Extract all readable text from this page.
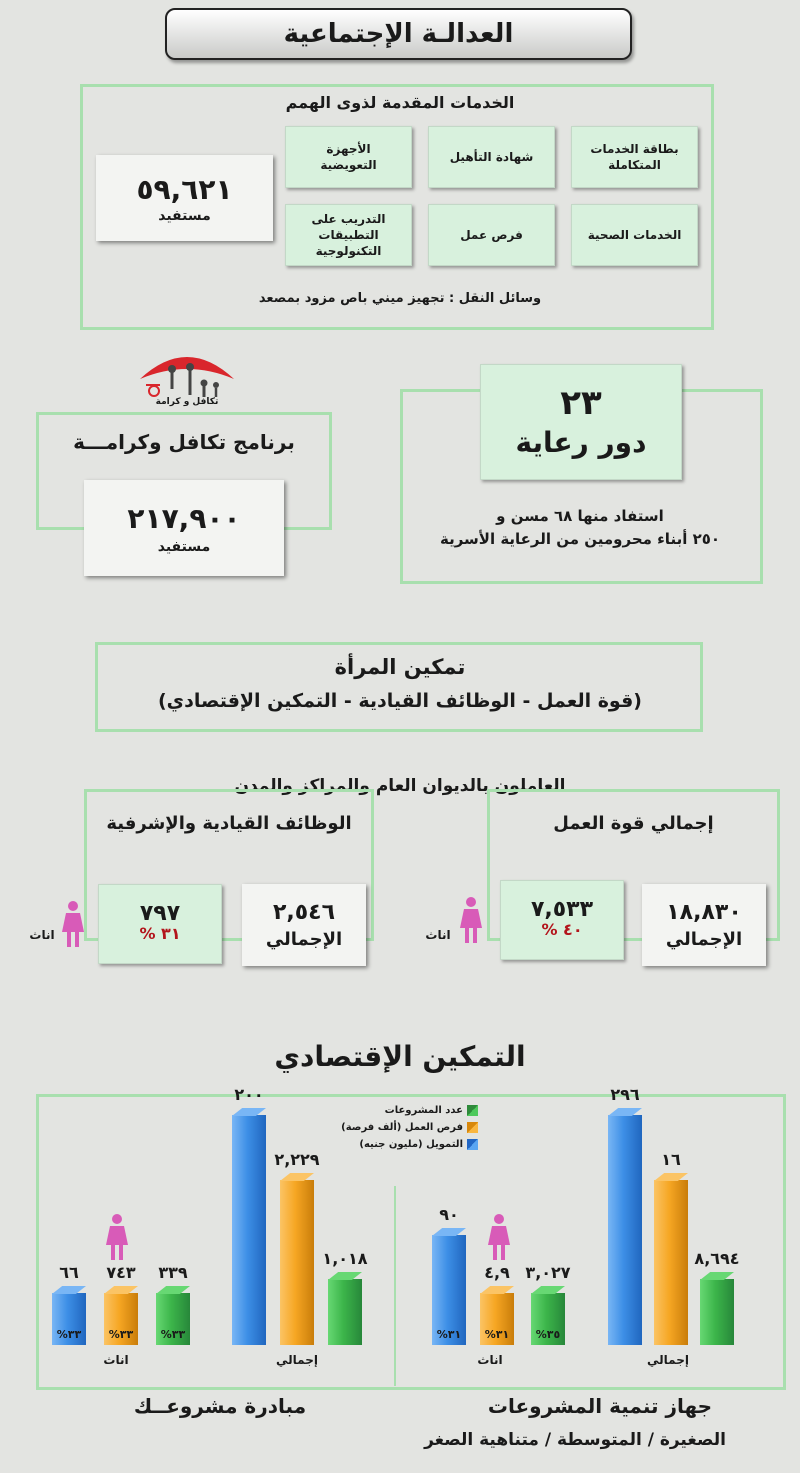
العدالـة الإجتماعية
الخدمات المقدمة لذوى الهمم
بطاقة الخدمات المتكاملة
شهادة التأهيل
الأجهزة التعويضية
الخدمات الصحية
فرص عمل
التدريب على التطبيقات التكنولوجية
٥٩,٦٢١
مستفيد
وسائل النقل : تجهيز ميني باص مزود بمصعد
تكافل و كرامة
برنامج تكافل وكرامـــة
٢١٧,٩٠٠
مستفيد
٢٣
دور رعاية
استفاد منها ٦٨ مسن و
٢٥٠ أبناء محرومين من الرعاية الأسرية
تمكين المرأة
(قوة العمل - الوظائف القيادية - التمكين الإقتصادي)
العاملون بالديوان العام والمراكز والمدن
إجمالي قوة العمل
١٨,٨٣٠
الإجمالي
٧,٥٣٣
٤٠ %
اناث
الوظائف القيادية والإشرفية
٢,٥٤٦
الإجمالي
٧٩٧
٣١ %
اناث
التمكين الإقتصادي
عدد المشروعات
فرص العمل (ألف فرصة)
التمويل (مليون جنيه)
١,٠١٨
٣٣%
٣٣٩
٢,٢٢٩
٣٣%
٧٤٣
٢٠٠
٣٣%
٦٦
إجمالي
اناث
٨,٦٩٤
٣٥%
٣,٠٢٧
١٦
٣١%
٤,٩
٢٩٦
٣١%
٩٠
إجمالي
اناث
مبادرة مشروعــك	جهاز تنمية المشروعات
الصغيرة / المتوسطة / متناهية الصغر
